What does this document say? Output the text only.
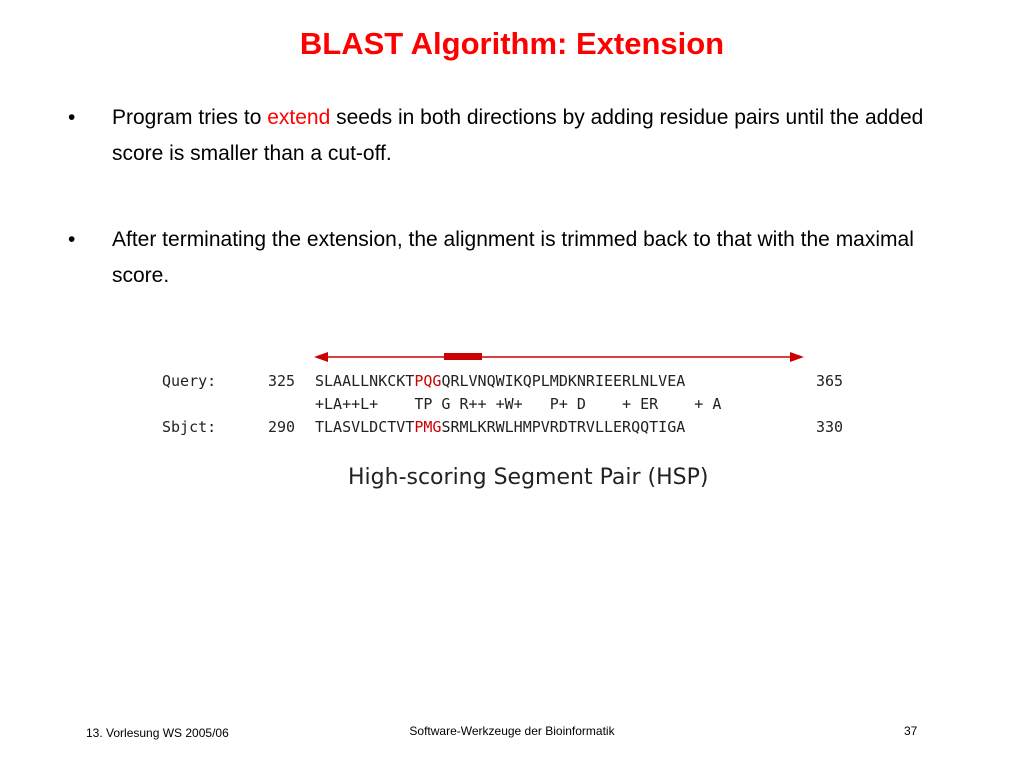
BLAST Algorithm: Extension
• Program tries to extend seeds in both directions by adding residue pairs until the added score is smaller than a cut-off.
• After terminating the extension, the alignment is trimmed back to that with the maximal score.
Query:	325 SLAALLNKCKTPQGQRLVNQWIKQPLMDKNRIEERLNLVEA	365
+LA++L+    TP G R++ +W+   P+ D    + ER    + A
Sbjct:	290 TLASVLDCTVTPMGSRMLKRWLHMPVRDTRVLLERQQTIGA	330
High-scoring Segment Pair (HSP)
13. Vorlesung WS 2005/06	Software-Werkzeuge der Bioinformatik	37
